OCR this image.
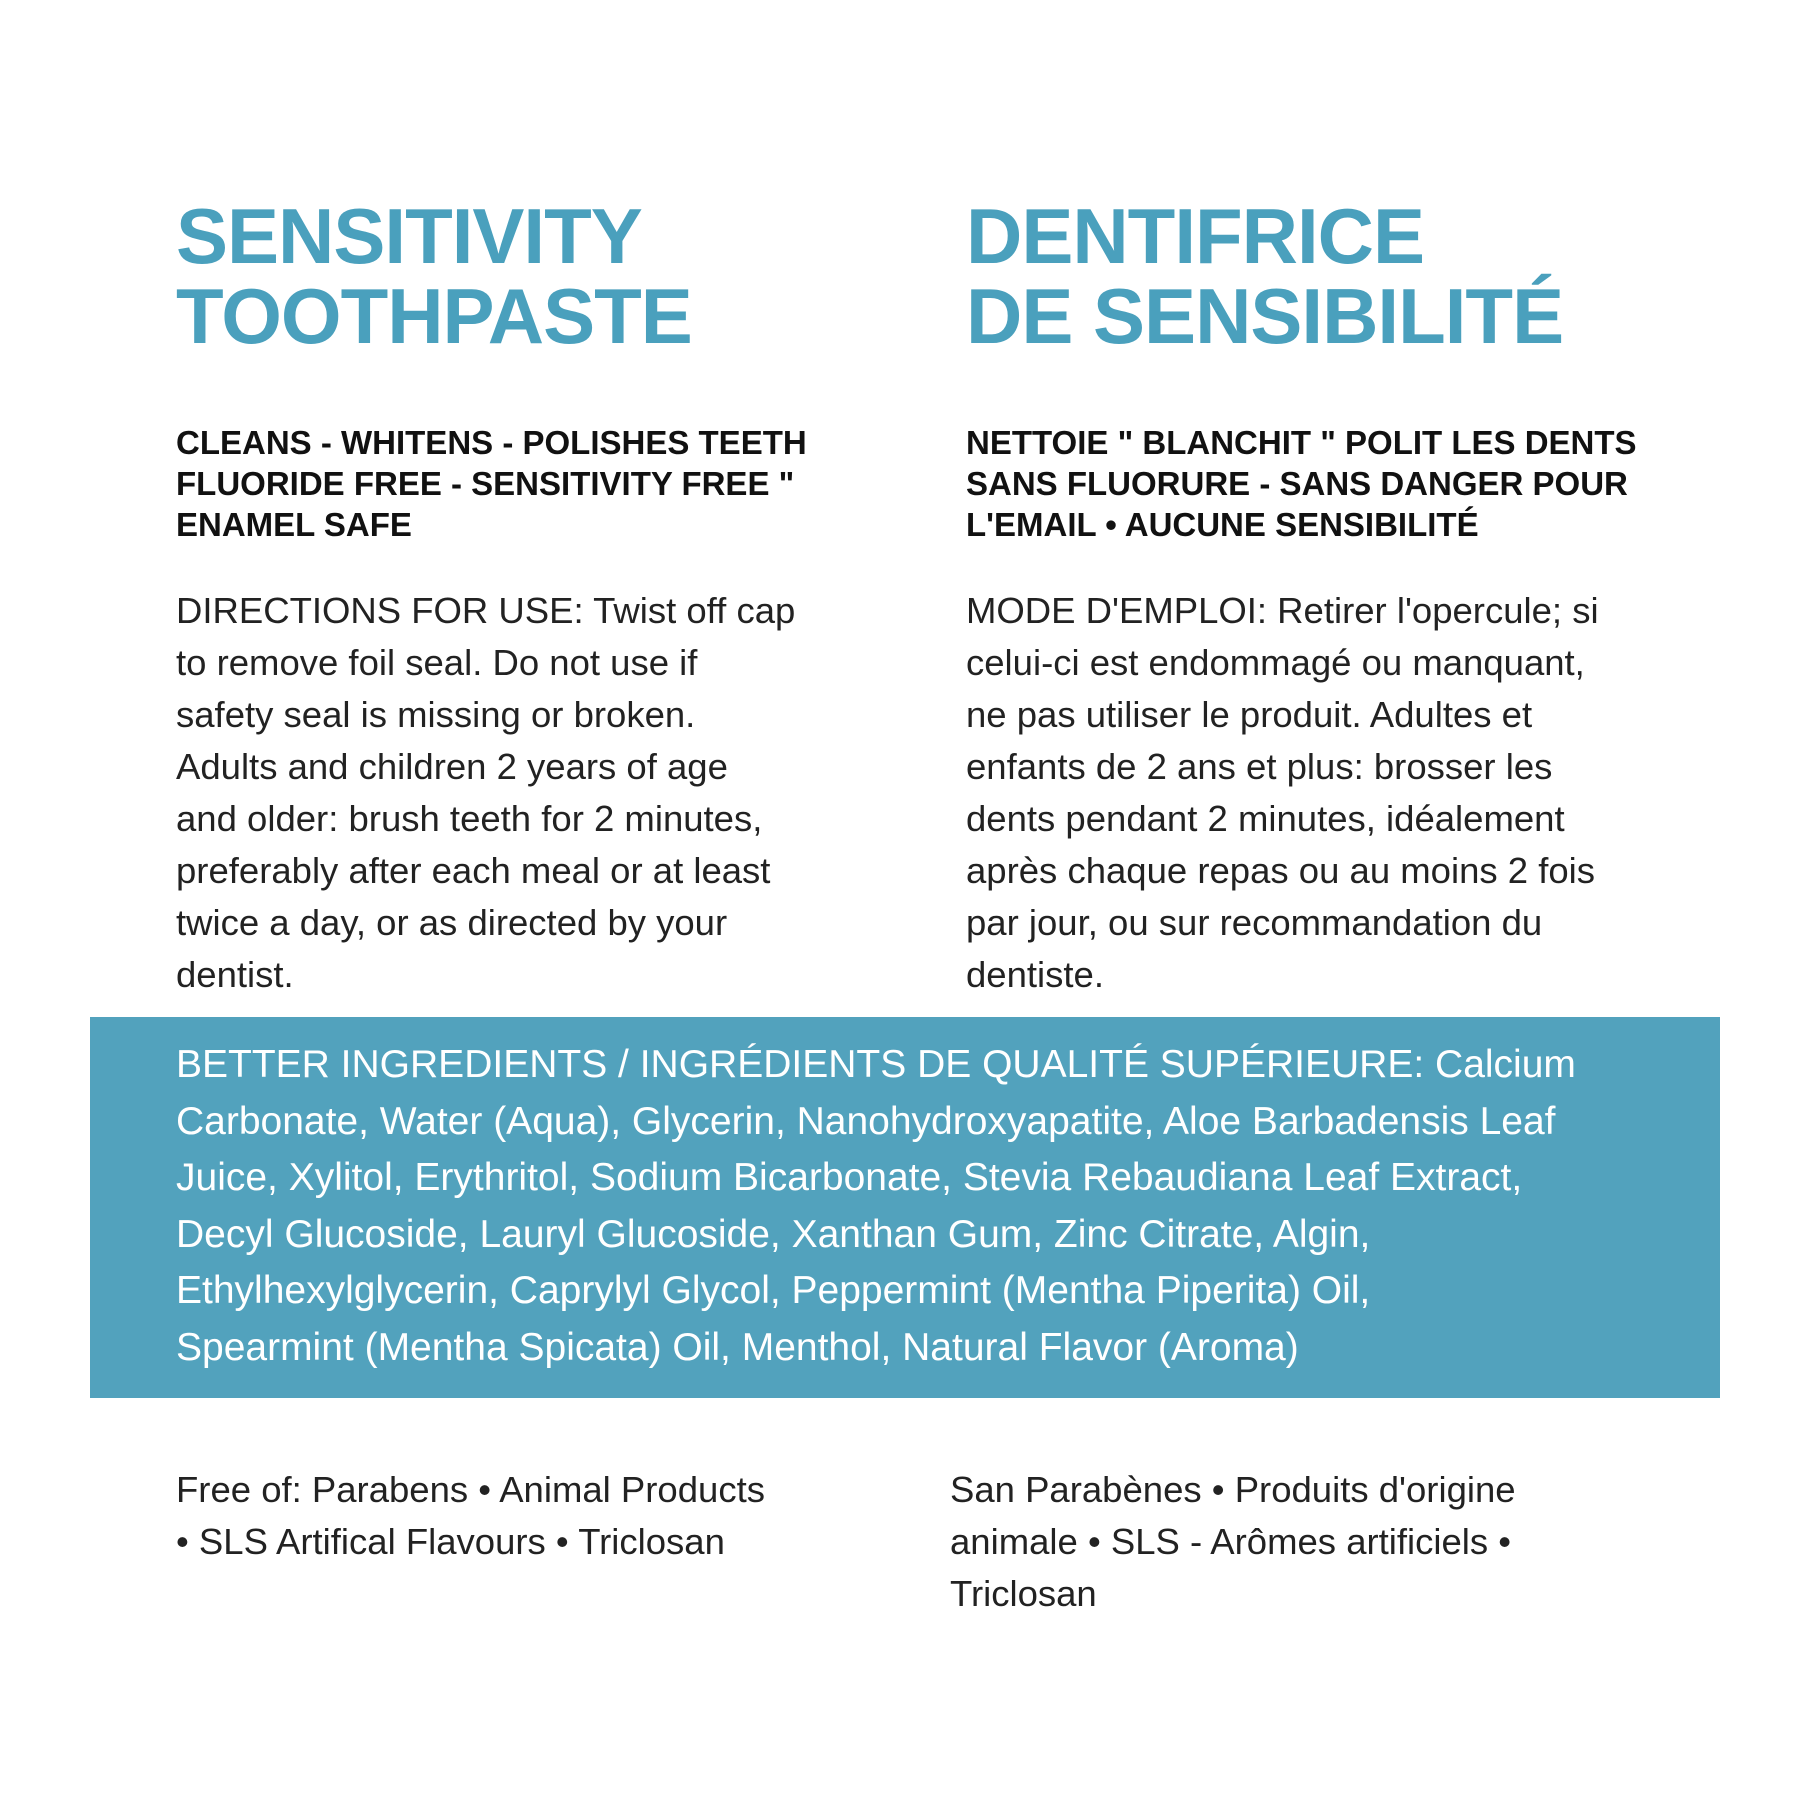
SENSITIVITY
TOOTHPASTE
CLEANS - WHITENS - POLISHES TEETH
FLUORIDE FREE - SENSITIVITY FREE "
ENAMEL SAFE
DIRECTIONS FOR USE: Twist off cap
to remove foil seal. Do not use if
safety seal is missing or broken.
Adults and children 2 years of age
and older: brush teeth for 2 minutes,
preferably after each meal or at least
twice a day, or as directed by your
dentist.
DENTIFRICE
DE SENSIBILITÉ
NETTOIE " BLANCHIT " POLIT LES DENTS
SANS FLUORURE - SANS DANGER POUR
L'EMAIL • AUCUNE SENSIBILITÉ
MODE D'EMPLOI: Retirer l'opercule; si
celui-ci est endommagé ou manquant,
ne pas utiliser le produit. Adultes et
enfants de 2 ans et plus: brosser les
dents pendant 2 minutes, idéalement
après chaque repas ou au moins 2 fois
par jour, ou sur recommandation du
dentiste.
BETTER INGREDIENTS / INGRÉDIENTS DE QUALITÉ SUPÉRIEURE: Calcium
Carbonate, Water (Aqua), Glycerin, Nanohydroxyapatite, Aloe Barbadensis Leaf
Juice, Xylitol, Erythritol, Sodium Bicarbonate, Stevia Rebaudiana Leaf Extract,
Decyl Glucoside, Lauryl Glucoside, Xanthan Gum, Zinc Citrate, Algin,
Ethylhexylglycerin, Caprylyl Glycol, Peppermint (Mentha Piperita) Oil,
Spearmint (Mentha Spicata) Oil, Menthol, Natural Flavor (Aroma)
Free of: Parabens • Animal Products
• SLS Artifical Flavours • Triclosan
San Parabènes • Produits d'origine
animale • SLS - Arômes artificiels •
Triclosan
